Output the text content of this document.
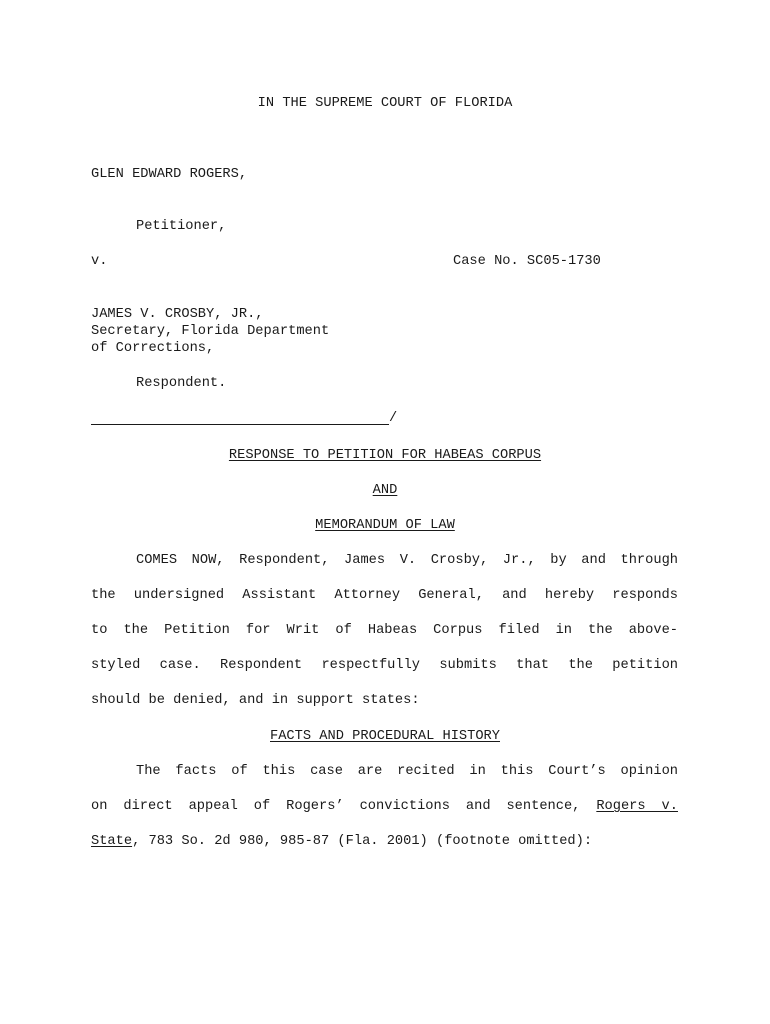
IN THE SUPREME COURT OF FLORIDA
GLEN EDWARD ROGERS,
Petitioner,
v.	Case No. SC05-1730
JAMES V. CROSBY, JR.,
Secretary, Florida Department
of Corrections,
Respondent.
/
RESPONSE TO PETITION FOR HABEAS CORPUS
AND
MEMORANDUM OF LAW
COMES NOW, Respondent, James V. Crosby, Jr., by and through
the undersigned Assistant Attorney General, and hereby responds
to the Petition for Writ of Habeas Corpus filed in the above-
styled case. Respondent respectfully submits that the petition
should be denied, and in support states:
FACTS AND PROCEDURAL HISTORY
The facts of this case are recited in this Court’s opinion
on direct appeal of Rogers’ convictions and sentence, Rogers v.
State, 783 So. 2d 980, 985-87 (Fla. 2001) (footnote omitted):
